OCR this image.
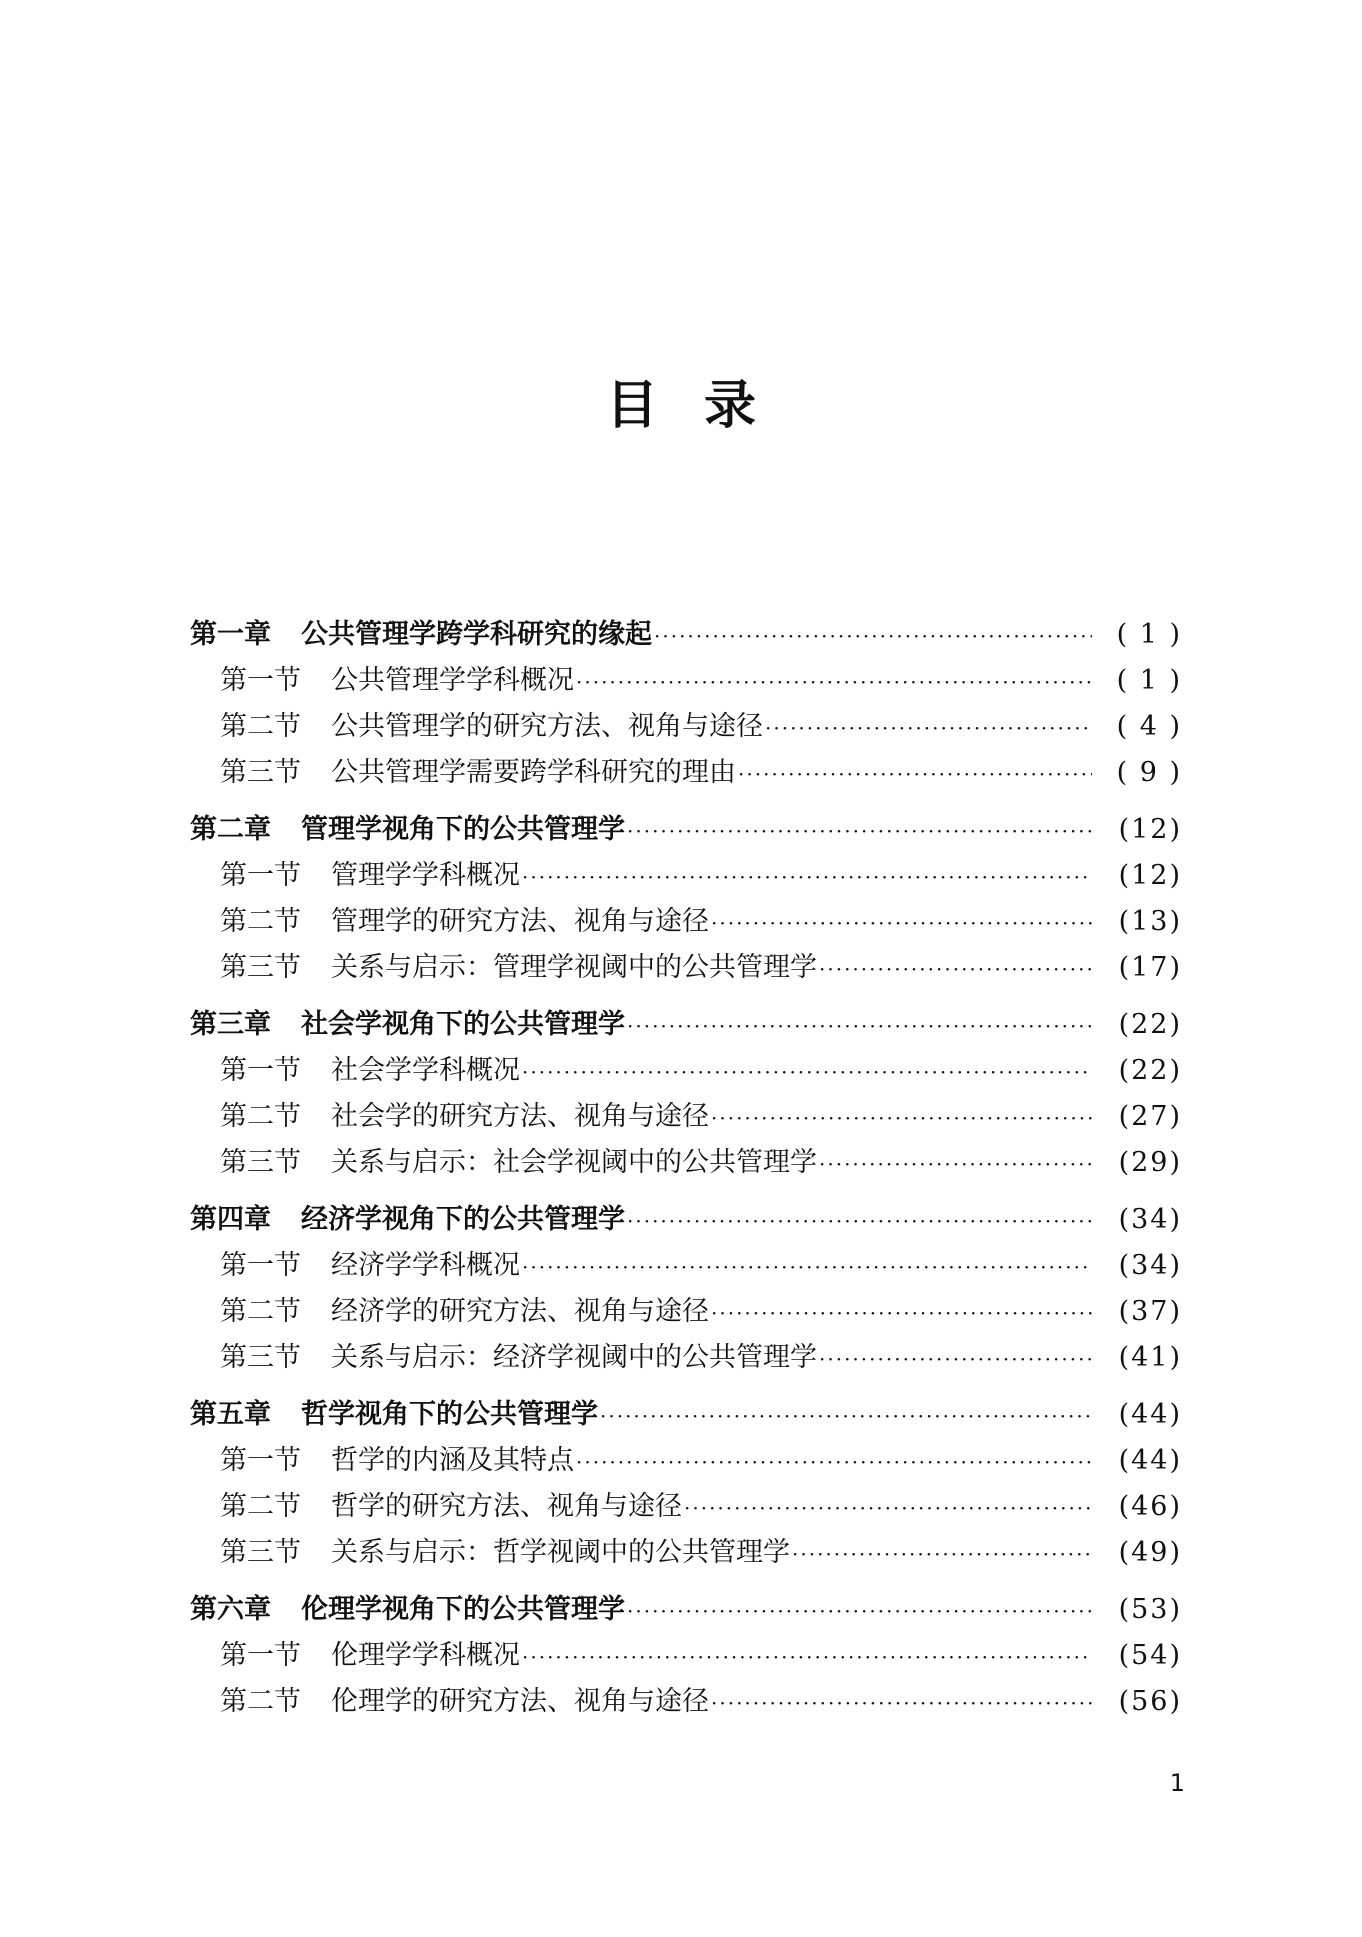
目录
第一章 公共管理学跨学科研究的缘起 ·····	( 1 )
第一节 公共管理学学科概况 ·····	( 1 )
第二节 公共管理学的研究方法、视角与途径 ·····	( 4 )
第三节 公共管理学需要跨学科研究的理由 ·····	( 9 )
第二章 管理学视角下的公共管理学 ·····	(12)
第一节 管理学学科概况 ·····	(12)
第二节 管理学的研究方法、视角与途径 ·····	(13)
第三节 关系与启示：管理学视阈中的公共管理学 ·····	(17)
第三章 社会学视角下的公共管理学 ·····	(22)
第一节 社会学学科概况 ·····	(22)
第二节 社会学的研究方法、视角与途径 ·····	(27)
第三节 关系与启示：社会学视阈中的公共管理学 ·····	(29)
第四章 经济学视角下的公共管理学 ·····	(34)
第一节 经济学学科概况 ·····	(34)
第二节 经济学的研究方法、视角与途径 ·····	(37)
第三节 关系与启示：经济学视阈中的公共管理学 ·····	(41)
第五章 哲学视角下的公共管理学 ·····	(44)
第一节 哲学的内涵及其特点 ·····	(44)
第二节 哲学的研究方法、视角与途径 ·····	(46)
第三节 关系与启示：哲学视阈中的公共管理学 ·····	(49)
第六章 伦理学视角下的公共管理学 ·····	(53)
第一节 伦理学学科概况 ·····	(54)
第二节 伦理学的研究方法、视角与途径 ·····	(56)
1
